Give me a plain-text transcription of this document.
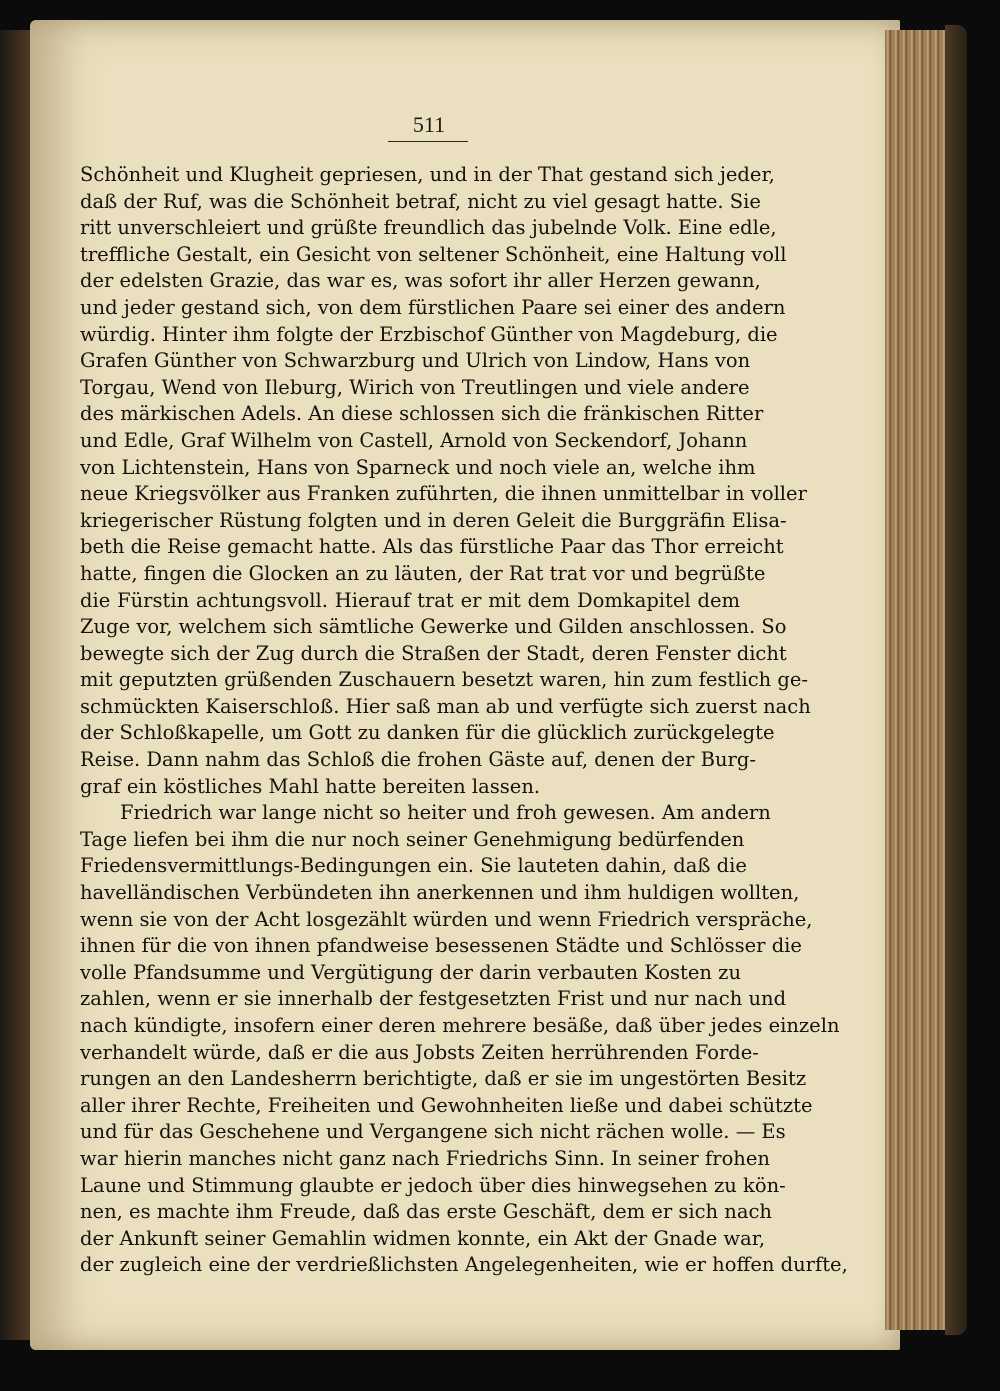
511
Schönheit und Klugheit gepriesen, und in der That gestand sich jeder,
daß der Ruf, was die Schönheit betraf, nicht zu viel gesagt hatte. Sie
ritt unverschleiert und grüßte freundlich das jubelnde Volk. Eine edle,
treffliche Gestalt, ein Gesicht von seltener Schönheit, eine Haltung voll
der edelsten Grazie, das war es, was sofort ihr aller Herzen gewann,
und jeder gestand sich, von dem fürstlichen Paare sei einer des andern
würdig. Hinter ihm folgte der Erzbischof Günther von Magdeburg, die
Grafen Günther von Schwarzburg und Ulrich von Lindow, Hans von
Torgau, Wend von Ileburg, Wirich von Treutlingen und viele andere
des märkischen Adels. An diese schlossen sich die fränkischen Ritter
und Edle, Graf Wilhelm von Castell, Arnold von Seckendorf, Johann
von Lichtenstein, Hans von Sparneck und noch viele an, welche ihm
neue Kriegsvölker aus Franken zuführten, die ihnen unmittelbar in voller
kriegerischer Rüstung folgten und in deren Geleit die Burggräfin Elisa-
beth die Reise gemacht hatte. Als das fürstliche Paar das Thor erreicht
hatte, fingen die Glocken an zu läuten, der Rat trat vor und begrüßte
die Fürstin achtungsvoll. Hierauf trat er mit dem Domkapitel dem
Zuge vor, welchem sich sämtliche Gewerke und Gilden anschlossen. So
bewegte sich der Zug durch die Straßen der Stadt, deren Fenster dicht
mit geputzten grüßenden Zuschauern besetzt waren, hin zum festlich ge-
schmückten Kaiserschloß. Hier saß man ab und verfügte sich zuerst nach
der Schloßkapelle, um Gott zu danken für die glücklich zurückgelegte
Reise. Dann nahm das Schloß die frohen Gäste auf, denen der Burg-
graf ein köstliches Mahl hatte bereiten lassen.
Friedrich war lange nicht so heiter und froh gewesen. Am andern
Tage liefen bei ihm die nur noch seiner Genehmigung bedürfenden
Friedensvermittlungs-Bedingungen ein. Sie lauteten dahin, daß die
havelländischen Verbündeten ihn anerkennen und ihm huldigen wollten,
wenn sie von der Acht losgezählt würden und wenn Friedrich verspräche,
ihnen für die von ihnen pfandweise besessenen Städte und Schlösser die
volle Pfandsumme und Vergütigung der darin verbauten Kosten zu
zahlen, wenn er sie innerhalb der festgesetzten Frist und nur nach und
nach kündigte, insofern einer deren mehrere besäße, daß über jedes einzeln
verhandelt würde, daß er die aus Jobsts Zeiten herrührenden Forde-
rungen an den Landesherrn berichtigte, daß er sie im ungestörten Besitz
aller ihrer Rechte, Freiheiten und Gewohnheiten ließe und dabei schützte
und für das Geschehene und Vergangene sich nicht rächen wolle. — Es
war hierin manches nicht ganz nach Friedrichs Sinn. In seiner frohen
Laune und Stimmung glaubte er jedoch über dies hinwegsehen zu kön-
nen, es machte ihm Freude, daß das erste Geschäft, dem er sich nach
der Ankunft seiner Gemahlin widmen konnte, ein Akt der Gnade war,
der zugleich eine der verdrießlichsten Angelegenheiten, wie er hoffen durfte,
